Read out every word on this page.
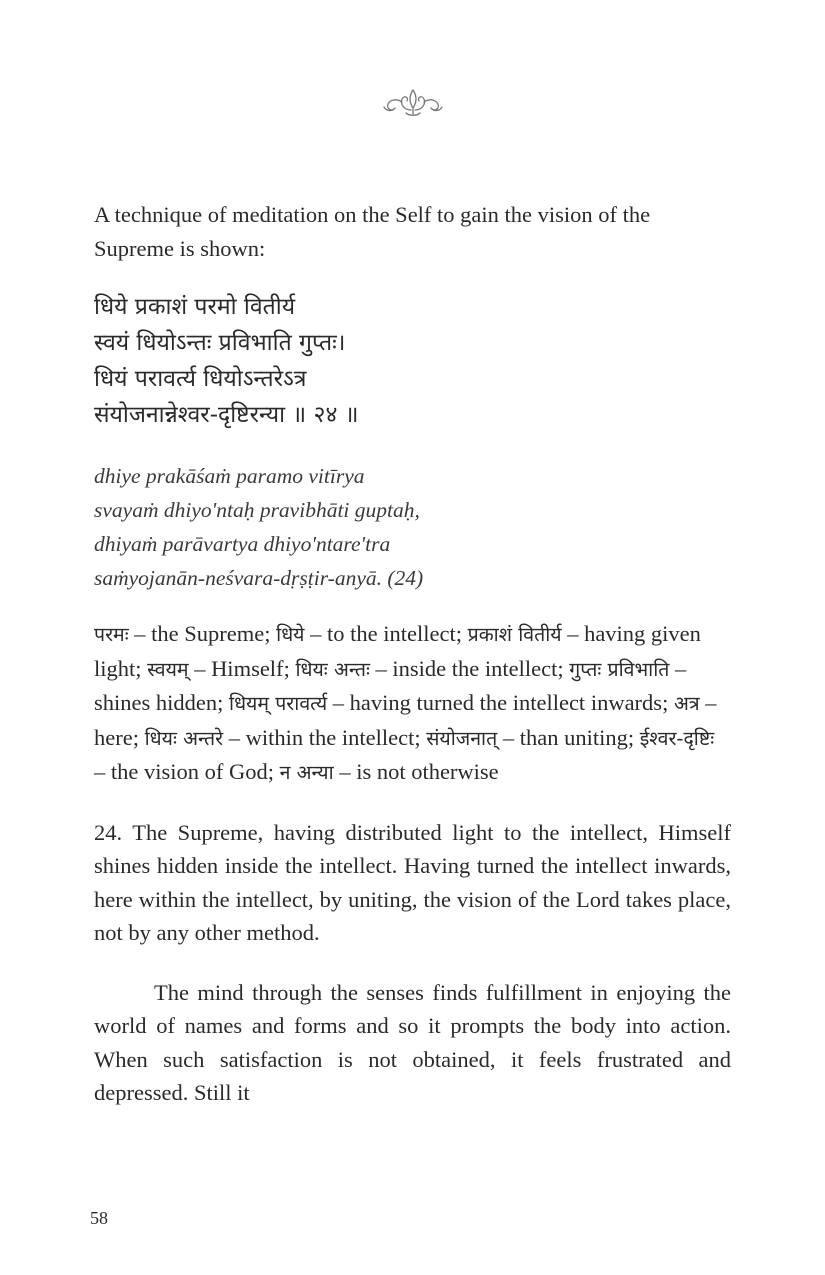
A technique of meditation on the Self to gain the vision of the Supreme is shown:

धिये प्रकाशं परमो वितीर्य
स्वयं धियोऽन्तः प्रविभाति गुप्तः।
धियं परावर्त्य धियोऽन्तरेऽत्र
संयोजनान्नेश्वर-दृष्टिरन्या ॥ २४ ॥
dhiye prakāśaṁ paramo vitīrya
svayaṁ dhiyo'ntaḥ pravibhāti guptaḥ,
dhiyaṁ parāvartya dhiyo'ntare'tra
saṁyojanān-neśvara-dṛṣṭir-anyā. (24)

परमः – the Supreme; धिये – to the intellect; प्रकाशं वितीर्य – having given light; स्वयम् – Himself; धियः अन्तः – inside the intellect; गुप्तः प्रविभाति – shines hidden; धियम् परावर्त्य – having turned the intellect inwards; अत्र – here; धियः अन्तरे – within the intellect; संयोजनात् – than uniting; ईश्वर-दृष्टिः – the vision of God; न अन्या – is not otherwise

24. The Supreme, having distributed light to the intellect, Himself shines hidden inside the intellect. Having turned the intellect inwards, here within the intellect, by uniting, the vision of the Lord takes place, not by any other method.

The mind through the senses finds fulfillment in enjoying the world of names and forms and so it prompts the body into action. When such satisfaction is not obtained, it feels frustrated and depressed. Still it

58
